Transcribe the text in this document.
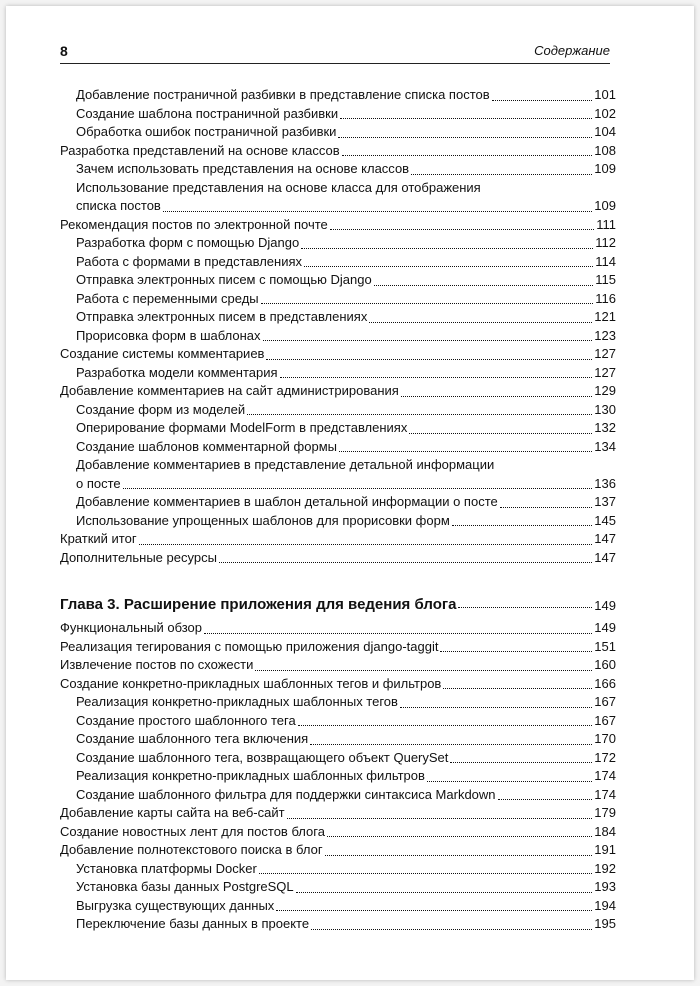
8	Содержание
Добавление постраничной разбивки в представление списка постов	101
Создание шаблона постраничной разбивки	102
Обработка ошибок постраничной разбивки	104
Разработка представлений на основе классов	108
Зачем использовать представления на основе классов	109
Использование представления на основе класса для отображения
списка постов	109
Рекомендация постов по электронной почте	111
Разработка форм с помощью Django	112
Работа с формами в представлениях	114
Отправка электронных писем с помощью Django	115
Работа с переменными среды	116
Отправка электронных писем в представлениях	121
Прорисовка форм в шаблонах	123
Создание системы комментариев	127
Разработка модели комментария	127
Добавление комментариев на сайт администрирования	129
Создание форм из моделей	130
Оперирование формами ModelForm в представлениях	132
Создание шаблонов комментарной формы	134
Добавление комментариев в представление детальной информации
о посте	136
Добавление комментариев в шаблон детальной информации о посте	137
Использование упрощенных шаблонов для прорисовки форм	145
Краткий итог	147
Дополнительные ресурсы	147
Глава 3. Расширение приложения для ведения блога	149
Функциональный обзор	149
Реализация тегирования с помощью приложения django-taggit	151
Извлечение постов по схожести	160
Создание конкретно-прикладных шаблонных тегов и фильтров	166
Реализация конкретно-прикладных шаблонных тегов	167
Создание простого шаблонного тега	167
Создание шаблонного тега включения	170
Создание шаблонного тега, возвращающего объект QuerySet	172
Реализация конкретно-прикладных шаблонных фильтров	174
Создание шаблонного фильтра для поддержки синтаксиса Markdown	174
Добавление карты сайта на веб-сайт	179
Создание новостных лент для постов блога	184
Добавление полнотекстового поиска в блог	191
Установка платформы Docker	192
Установка базы данных PostgreSQL	193
Выгрузка существующих данных	194
Переключение базы данных в проекте	195
